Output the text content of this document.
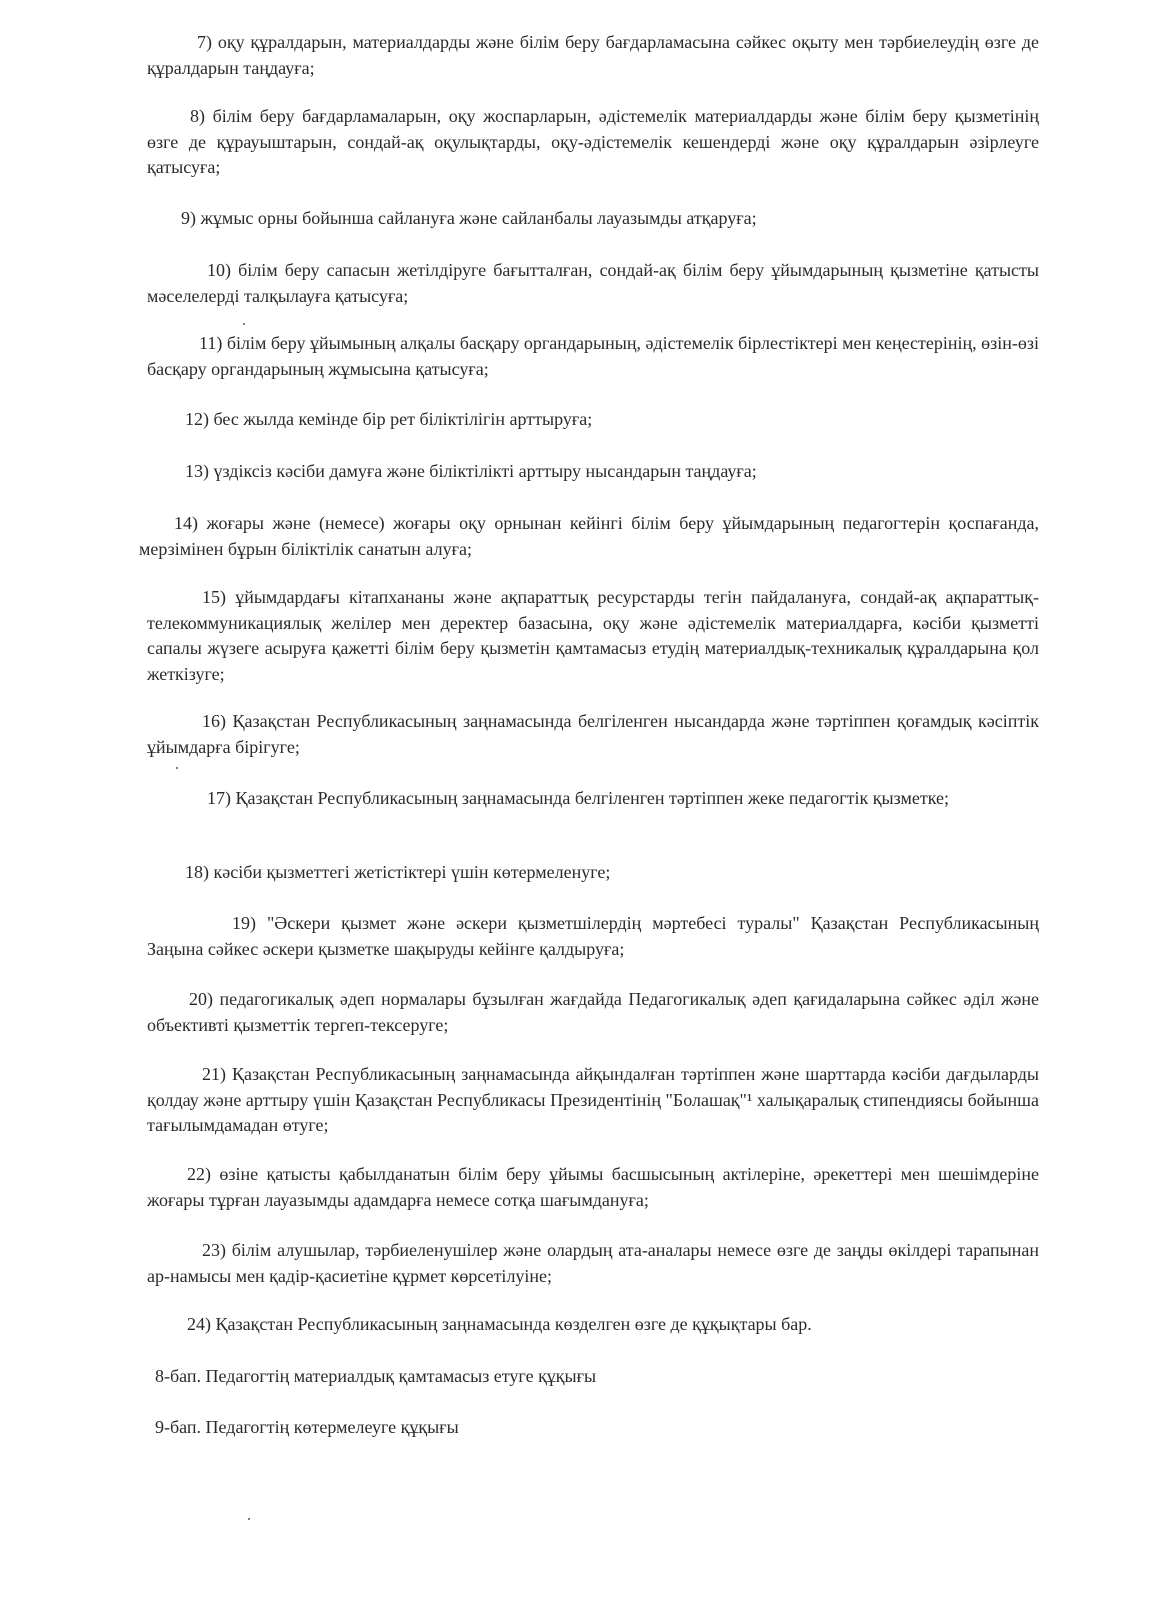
7) оқу құралдарын, материалдарды және білім беру бағдарламасына сәйкес оқыту мен тәрбиелеудің өзге де құралдарын таңдауға;

8) білім беру бағдарламаларын, оқу жоспарларын, әдістемелік материалдарды және білім беру қызметінің өзге де құрауыштарын, сондай-ақ оқулықтарды, оқу-әдістемелік кешендерді және оқу құралдарын әзірлеуге қатысуға;

9) жұмыс орны бойынша сайлануға және сайланбалы лауазымды атқаруға;

10) білім беру сапасын жетілдіруге бағытталған, сондай-ақ білім беру ұйымдарының қызметіне қатысты мәселелерді талқылауға қатысуға;

11) білім беру ұйымының алқалы басқару органдарының, әдістемелік бірлестіктері мен кеңестерінің, өзін-өзі басқару органдарының жұмысына қатысуға;

12) бес жылда кемінде бір рет біліктілігін арттыруға;

13) үздіксіз кәсіби дамуға және біліктілікті арттыру нысандарын таңдауға;

14) жоғары және (немесе) жоғары оқу орнынан кейінгі білім беру ұйымдарының педагогтерін қоспағанда, мерзімінен бұрын біліктілік санатын алуға;

15) ұйымдардағы кітапхананы және ақпараттық ресурстарды тегін пайдалануға, сондай-ақ ақпараттық-телекоммуникациялық желілер мен деректер базасына, оқу және әдістемелік материалдарға, кәсіби қызметті сапалы жүзеге асыруға қажетті білім беру қызметін қамтамасыз етудің материалдық-техникалық құралдарына қол жеткізуге;

16) Қазақстан Республикасының заңнамасында белгіленген нысандарда және тәртіппен қоғамдық кәсіптік ұйымдарға бірігуге;

17) Қазақстан Республикасының заңнамасында белгіленген тәртіппен жеке педагогтік қызметке;

18) кәсіби қызметтегі жетістіктері үшін көтермеленуге;

19) "Әскери қызмет және әскери қызметшілердің мәртебесі туралы" Қазақстан Республикасының Заңына сәйкес әскери қызметке шақыруды кейінге қалдыруға;

20) педагогикалық әдеп нормалары бұзылған жағдайда Педагогикалық әдеп қағидаларына сәйкес әділ және объективті қызметтік тергеп-тексеруге;

21) Қазақстан Республикасының заңнамасында айқындалған тәртіппен және шарттарда кәсіби дағдыларды қолдау және арттыру үшін Қазақстан Республикасы Президентінің "Болашақ"¹ халықаралық стипендиясы бойынша тағылымдамадан өтуге;

22) өзіне қатысты қабылданатын білім беру ұйымы басшысының актілеріне, әрекеттері мен шешімдеріне жоғары тұрған лауазымды адамдарға немесе сотқа шағымдануға;

23) білім алушылар, тәрбиеленушілер және олардың ата-аналары немесе өзге де заңды өкілдері тарапынан ар-намысы мен қадір-қасиетіне құрмет көрсетілуіне;

24) Қазақстан Республикасының заңнамасында көзделген өзге де құқықтары бар.

8-бап. Педагогтің материалдық қамтамасыз етуге құқығы

9-бап. Педагогтің көтермелеуге құқығы
